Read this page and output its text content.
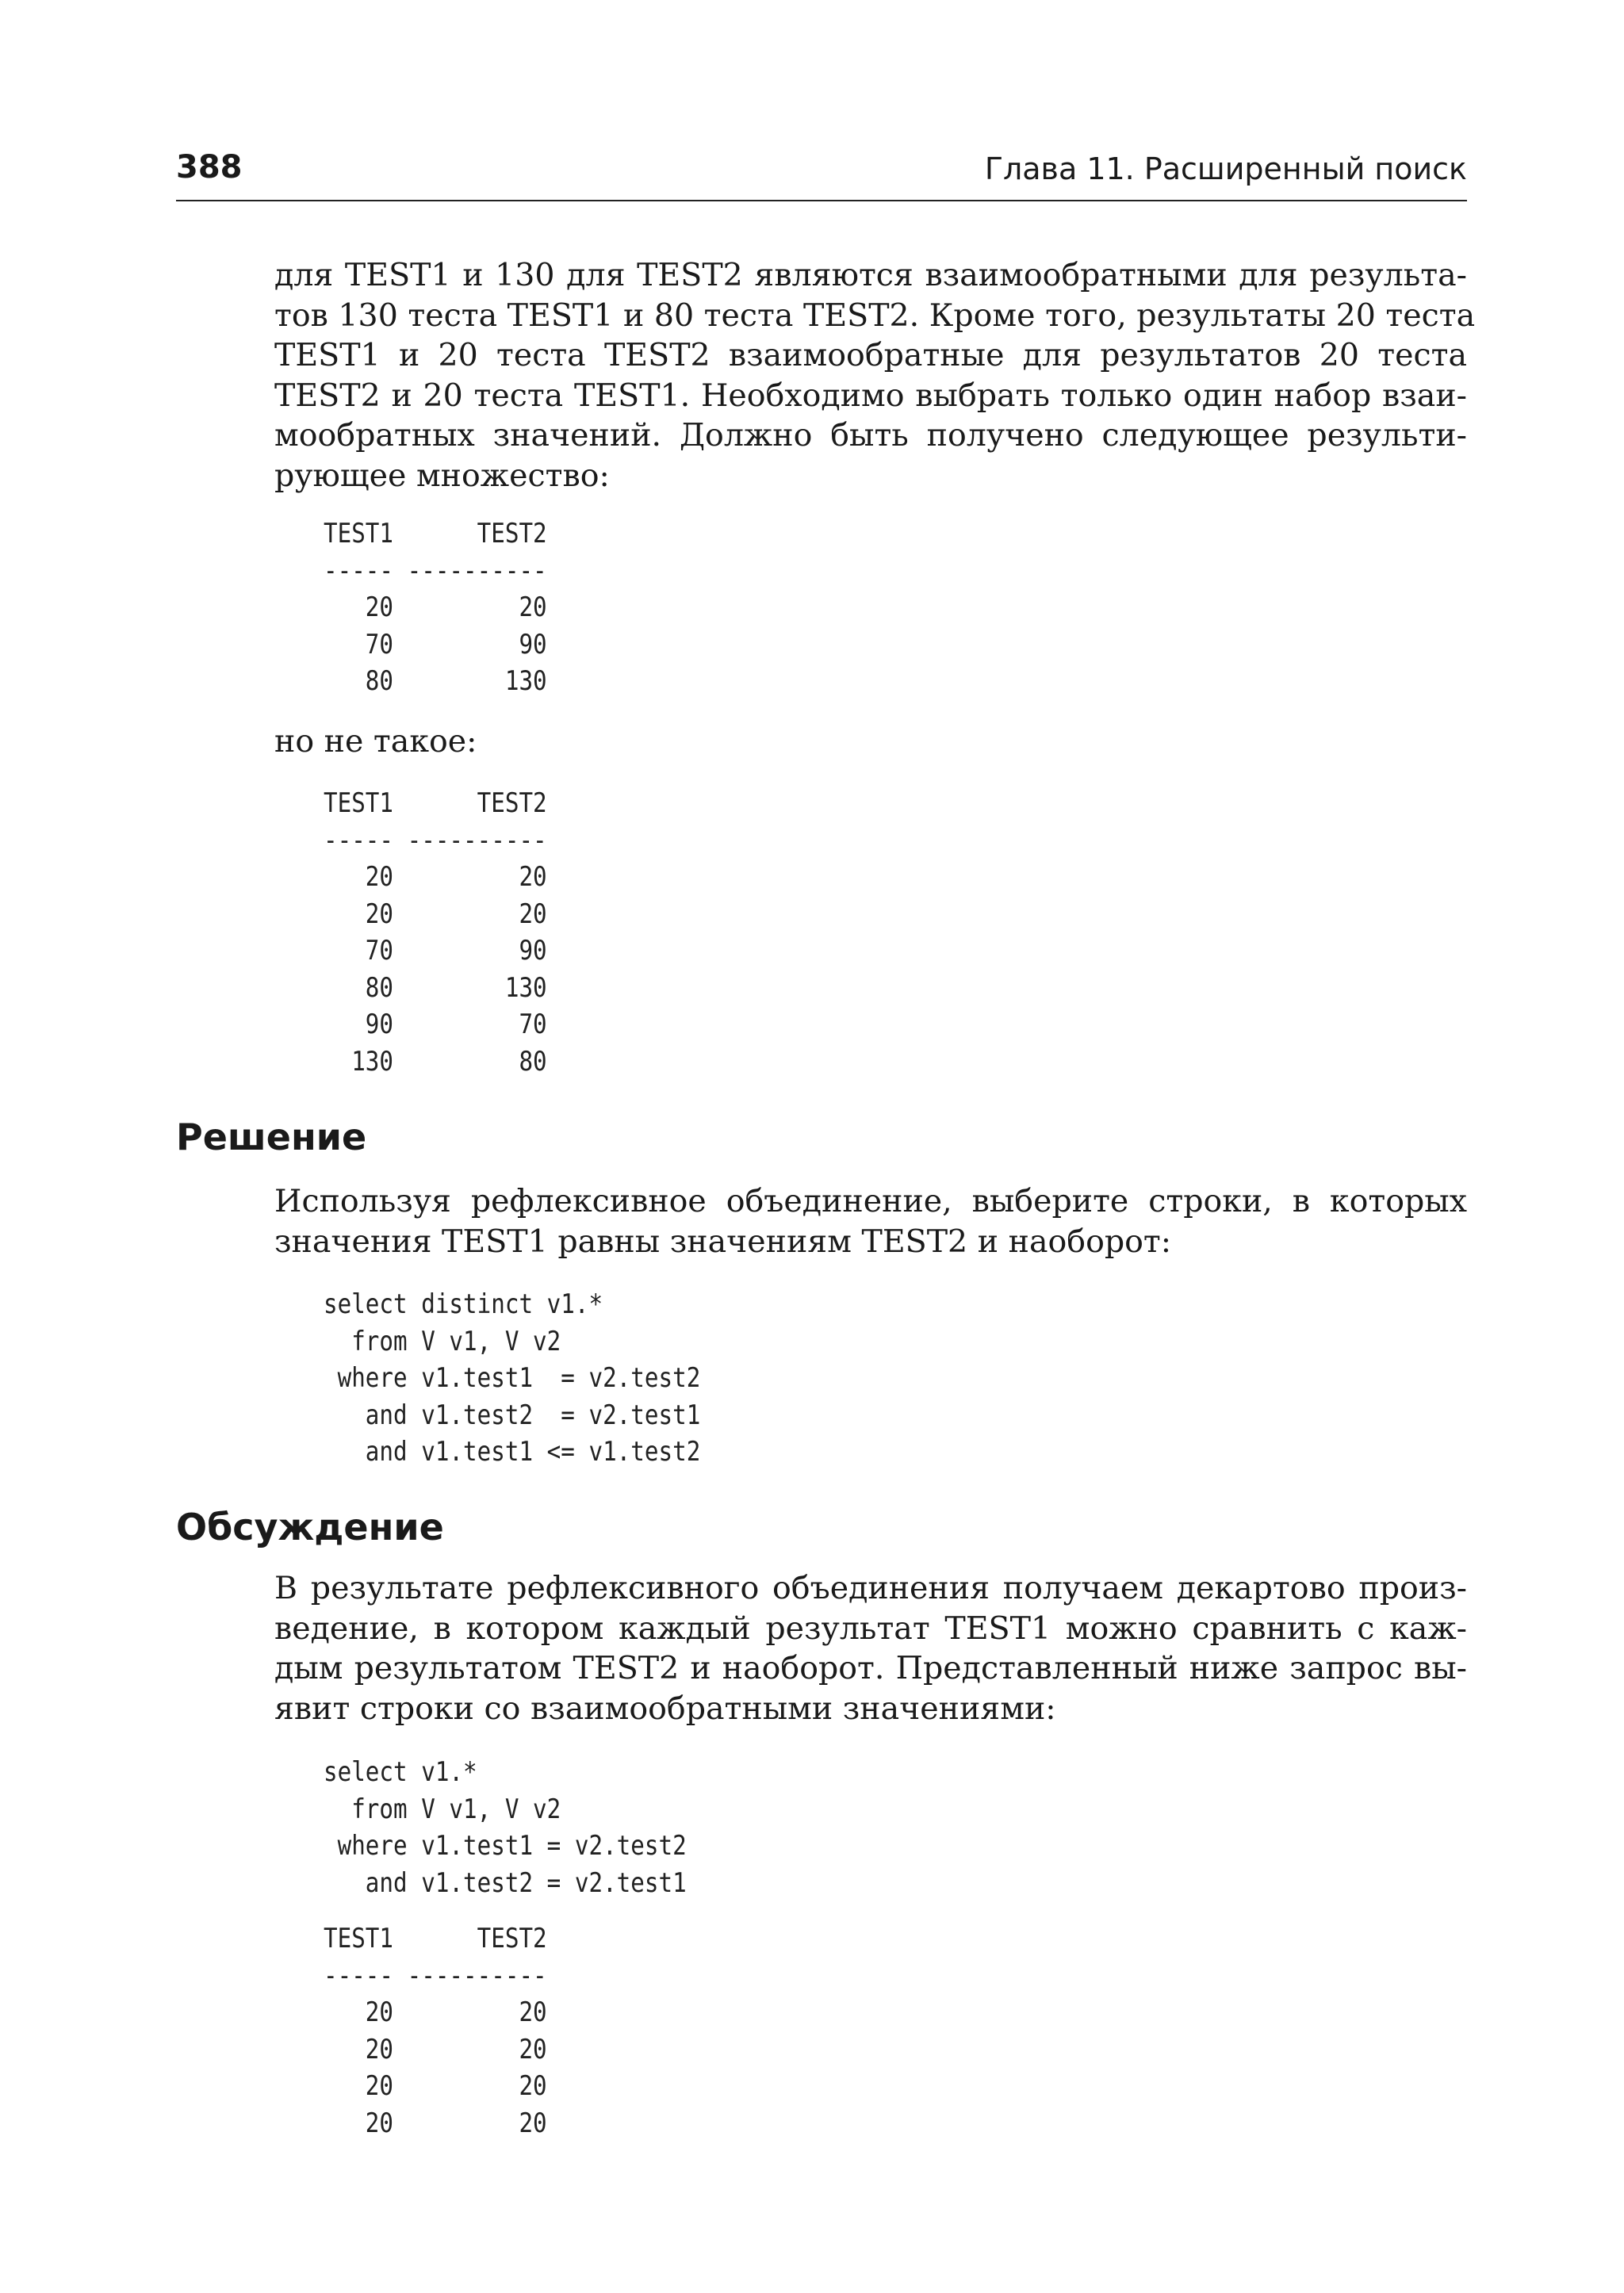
388	Глава 11. Расширенный поиск

для TEST1 и 130 для TEST2 являются взаимообратными для результа-
тов 130 теста TEST1 и 80 теста TEST2. Кроме того, результаты 20 теста
TEST1 и 20 теста TEST2 взаимообратные для результатов 20 теста
TEST2 и 20 теста TEST1. Необходимо выбрать только один набор взаи-
мообратных значений. Должно быть получено следующее результи-
рующее множество:

TEST1      TEST2
----- ----------
20         20
70         90
80        130

но не такое:

TEST1      TEST2
----- ----------
20         20
20         20
70         90
80        130
90         70
130         80
Решение

Используя рефлексивное объединение, выберите строки, в которых
значения TEST1 равны значениям TEST2 и наоборот:

select distinct v1.*
from V v1, V v2
where v1.test1  = v2.test2
and v1.test2  = v2.test1
and v1.test1 <= v1.test2
Обсуждение

В результате рефлексивного объединения получаем декартово произ-
ведение, в котором каждый результат TEST1 можно сравнить с каж-
дым результатом TEST2 и наоборот. Представленный ниже запрос вы-
явит строки со взаимообратными значениями:

select v1.*
from V v1, V v2
where v1.test1 = v2.test2
and v1.test2 = v2.test1
TEST1      TEST2
----- ----------
20         20
20         20
20         20
20         20
